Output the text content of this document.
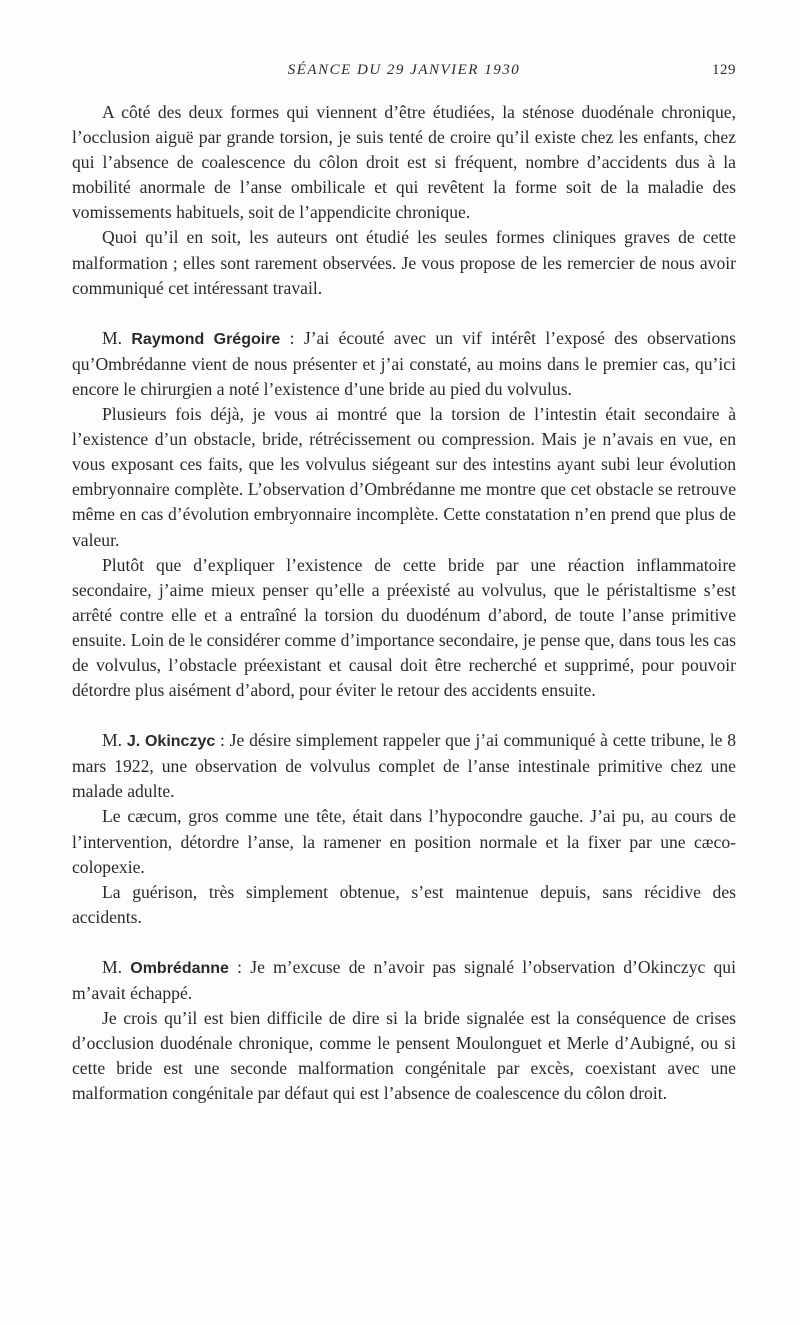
SÉANCE DU 29 JANVIER 1930	129

A côté des deux formes qui viennent d’être étudiées, la sténose duodénale chronique, l’occlusion aiguë par grande torsion, je suis tenté de croire qu’il existe chez les enfants, chez qui l’absence de coalescence du côlon droit est si fréquent, nombre d’accidents dus à la mobilité anormale de l’anse ombilicale et qui revêtent la forme soit de la maladie des vomissements habituels, soit de l’appendicite chronique.

Quoi qu’il en soit, les auteurs ont étudié les seules formes cliniques graves de cette malformation ; elles sont rarement observées. Je vous propose de les remercier de nous avoir communiqué cet intéressant travail.

M. Raymond Grégoire : J’ai écouté avec un vif intérêt l’exposé des observations qu’Ombrédanne vient de nous présenter et j’ai constaté, au moins dans le premier cas, qu’ici encore le chirurgien a noté l’existence d’une bride au pied du volvulus.

Plusieurs fois déjà, je vous ai montré que la torsion de l’intestin était secondaire à l’existence d’un obstacle, bride, rétrécissement ou compression. Mais je n’avais en vue, en vous exposant ces faits, que les volvulus siégeant sur des intestins ayant subi leur évolution embryonnaire complète. L’observation d’Ombrédanne me montre que cet obstacle se retrouve même en cas d’évolution embryonnaire incomplète. Cette constatation n’en prend que plus de valeur.

Plutôt que d’expliquer l’existence de cette bride par une réaction inflammatoire secondaire, j’aime mieux penser qu’elle a préexisté au volvulus, que le péristaltisme s’est arrêté contre elle et a entraîné la torsion du duodénum d’abord, de toute l’anse primitive ensuite. Loin de le considérer comme d’importance secondaire, je pense que, dans tous les cas de volvulus, l’obstacle préexistant et causal doit être recherché et supprimé, pour pouvoir détordre plus aisément d’abord, pour éviter le retour des accidents ensuite.

M. J. Okinczyc : Je désire simplement rappeler que j’ai communiqué à cette tribune, le 8 mars 1922, une observation de volvulus complet de l’anse intestinale primitive chez une malade adulte.

Le cæcum, gros comme une tête, était dans l’hypocondre gauche. J’ai pu, au cours de l’intervention, détordre l’anse, la ramener en position normale et la fixer par une cæco-colopexie.

La guérison, très simplement obtenue, s’est maintenue depuis, sans récidive des accidents.

M. Ombrédanne : Je m’excuse de n’avoir pas signalé l’observation d’Okinczyc qui m’avait échappé.

Je crois qu’il est bien difficile de dire si la bride signalée est la conséquence de crises d’occlusion duodénale chronique, comme le pensent Moulonguet et Merle d’Aubigné, ou si cette bride est une seconde malformation congénitale par excès, coexistant avec une malformation congénitale par défaut qui est l’absence de coalescence du côlon droit.
